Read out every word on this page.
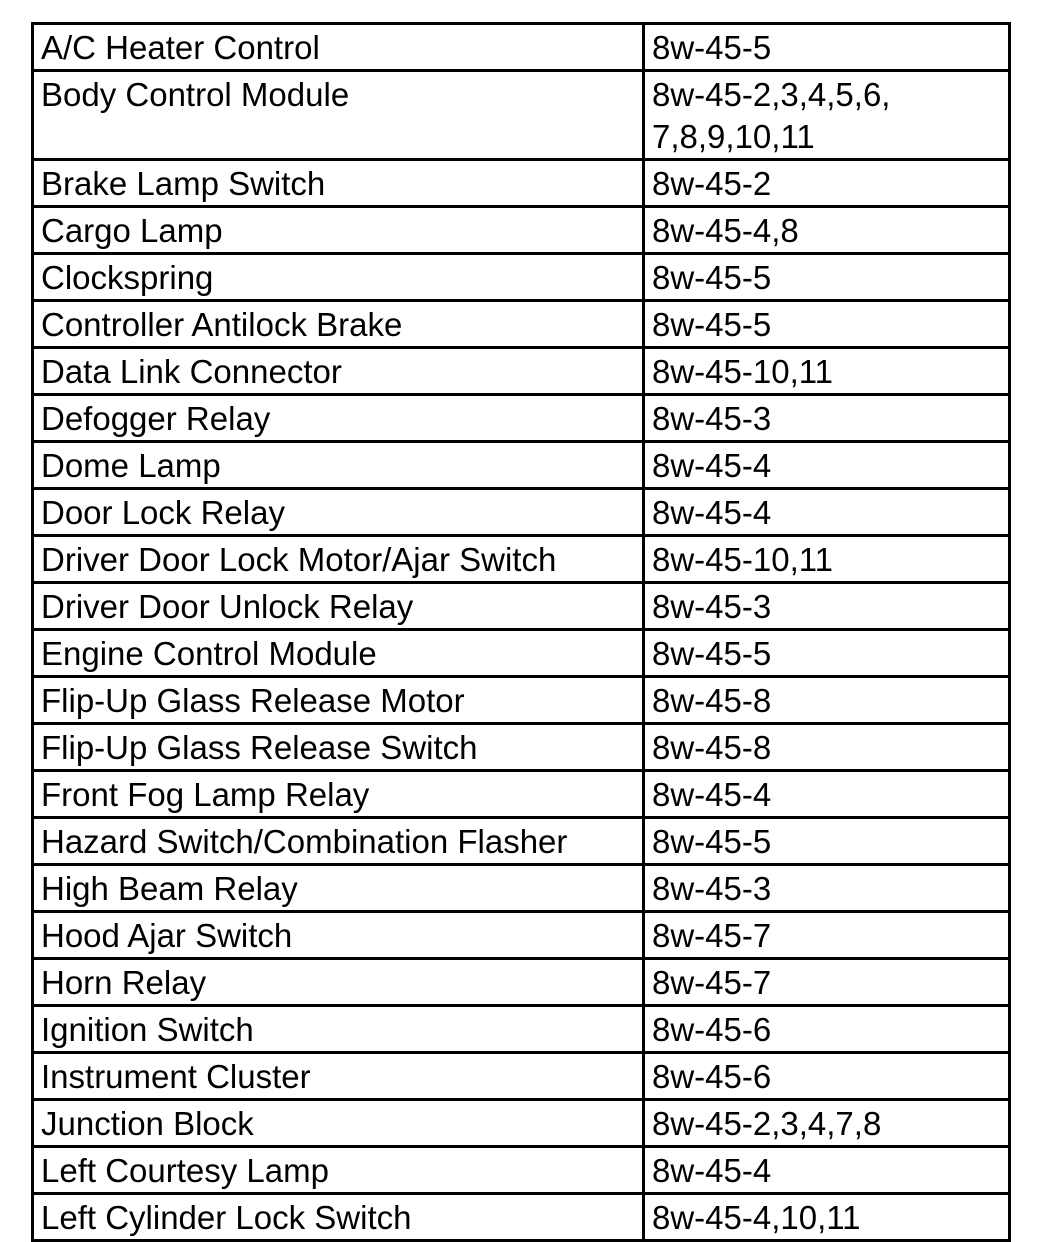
A/C Heater Control	8w-45-5
Body Control Module	8w-45-2,3,4,5,6,
7,8,9,10,11
Brake Lamp Switch	8w-45-2
Cargo Lamp	8w-45-4,8
Clockspring	8w-45-5
Controller Antilock Brake	8w-45-5
Data Link Connector	8w-45-10,11
Defogger Relay	8w-45-3
Dome Lamp	8w-45-4
Door Lock Relay	8w-45-4
Driver Door Lock Motor/Ajar Switch	8w-45-10,11
Driver Door Unlock Relay	8w-45-3
Engine Control Module	8w-45-5
Flip-Up Glass Release Motor	8w-45-8
Flip-Up Glass Release Switch	8w-45-8
Front Fog Lamp Relay	8w-45-4
Hazard Switch/Combination Flasher	8w-45-5
High Beam Relay	8w-45-3
Hood Ajar Switch	8w-45-7
Horn Relay	8w-45-7
Ignition Switch	8w-45-6
Instrument Cluster	8w-45-6
Junction Block	8w-45-2,3,4,7,8
Left Courtesy Lamp	8w-45-4
Left Cylinder Lock Switch	8w-45-4,10,11
